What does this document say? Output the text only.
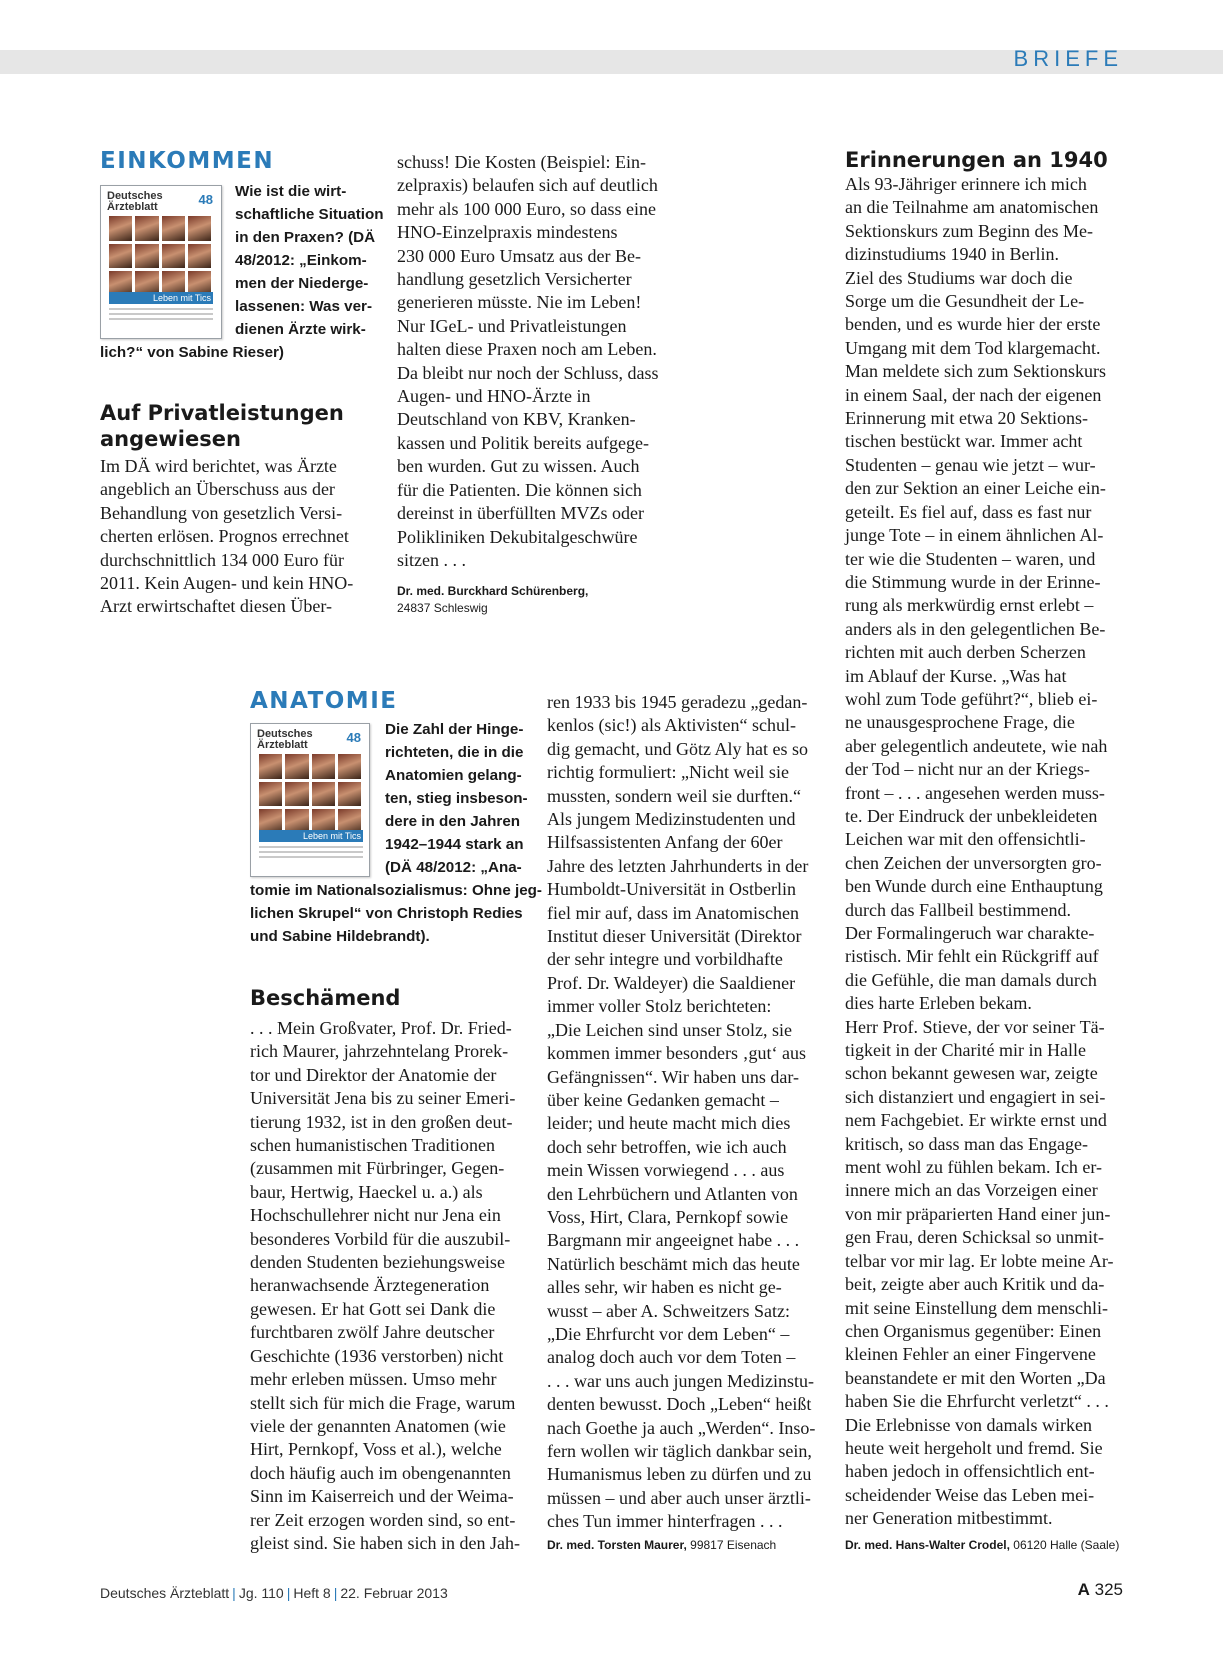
BRIEFE
EINKOMMEN
Deutsches
Ärzteblatt	48
Leben mit Tics
Wie ist die wirt-
schaftliche Situation
in den Praxen? (DÄ
48/2012: „Einkom-
men der Niederge-
lassenen: Was ver-
dienen Ärzte wirk-
lich?“ von Sabine Rieser)
Auf Privatleistungen
angewiesen
Im DÄ wird berichtet, was Ärzte
angeblich an Überschuss aus der
Behandlung von gesetzlich Versi-
cherten erlösen. Prognos errechnet
durchschnittlich 134 000 Euro für
2011. Kein Augen- und kein HNO-
Arzt erwirtschaftet diesen Über-
schuss! Die Kosten (Beispiel: Ein-
zelpraxis) belaufen sich auf deutlich
mehr als 100 000 Euro, so dass eine
HNO-Einzelpraxis mindestens
230 000 Euro Umsatz aus der Be-
handlung gesetzlich Versicherter
generieren müsste. Nie im Leben!
Nur IGeL- und Privatleistungen
halten diese Praxen noch am Leben.
Da bleibt nur noch der Schluss, dass
Augen- und HNO-Ärzte in
Deutschland von KBV, Kranken-
kassen und Politik bereits aufgege-
ben wurden. Gut zu wissen. Auch
für die Patienten. Die können sich
dereinst in überfüllten MVZs oder
Polikliniken Dekubitalgeschwüre
sitzen . . .
Dr. med. Burckhard Schürenberg,
24837 Schleswig
ANATOMIE
Deutsches
Ärzteblatt	48
Leben mit Tics
Die Zahl der Hinge-
richteten, die in die
Anatomien gelang-
ten, stieg insbeson-
dere in den Jahren
1942–1944 stark an
(DÄ 48/2012: „Ana-
tomie im Nationalsozialismus: Ohne jeg-
lichen Skrupel“ von Christoph Redies
und Sabine Hildebrandt).
Beschämend
. . . Mein Großvater, Prof. Dr. Fried-
rich Maurer, jahrzehntelang Prorek-
tor und Direktor der Anatomie der
Universität Jena bis zu seiner Emeri-
tierung 1932, ist in den großen deut-
schen humanistischen Traditionen
(zusammen mit Fürbringer, Gegen-
baur, Hertwig, Haeckel u. a.) als
Hochschullehrer nicht nur Jena ein
besonderes Vorbild für die auszubil-
denden Studenten beziehungsweise
heranwachsende Ärztegeneration
gewesen. Er hat Gott sei Dank die
furchtbaren zwölf Jahre deutscher
Geschichte (1936 verstorben) nicht
mehr erleben müssen. Umso mehr
stellt sich für mich die Frage, warum
viele der genannten Anatomen (wie
Hirt, Pernkopf, Voss et al.), welche
doch häufig auch im obengenannten
Sinn im Kaiserreich und der Weima-
rer Zeit erzogen worden sind, so ent-
gleist sind. Sie haben sich in den Jah-
ren 1933 bis 1945 geradezu „gedan-
kenlos (sic!) als Aktivisten“ schul-
dig gemacht, und Götz Aly hat es so
richtig formuliert: „Nicht weil sie
mussten, sondern weil sie durften.“
Als jungem Medizinstudenten und
Hilfsassistenten Anfang der 60er
Jahre des letzten Jahrhunderts in der
Humboldt-Universität in Ostberlin
fiel mir auf, dass im Anatomischen
Institut dieser Universität (Direktor
der sehr integre und vorbildhafte
Prof. Dr. Waldeyer) die Saaldiener
immer voller Stolz berichteten:
„Die Leichen sind unser Stolz, sie
kommen immer besonders ‚gut‘ aus
Gefängnissen“. Wir haben uns dar-
über keine Gedanken gemacht –
leider; und heute macht mich dies
doch sehr betroffen, wie ich auch
mein Wissen vorwiegend . . . aus
den Lehrbüchern und Atlanten von
Voss, Hirt, Clara, Pernkopf sowie
Bargmann mir angeeignet habe . . .
Natürlich beschämt mich das heute
alles sehr, wir haben es nicht ge-
wusst – aber A. Schweitzers Satz:
„Die Ehrfurcht vor dem Leben“ –
analog doch auch vor dem Toten –
. . . war uns auch jungen Medizinstu-
denten bewusst. Doch „Leben“ heißt
nach Goethe ja auch „Werden“. Inso-
fern wollen wir täglich dankbar sein,
Humanismus leben zu dürfen und zu
müssen – und aber auch unser ärztli-
ches Tun immer hinterfragen . . .
Dr. med. Torsten Maurer, 99817 Eisenach
Erinnerungen an 1940
Als 93-Jähriger erinnere ich mich
an die Teilnahme am anatomischen
Sektionskurs zum Beginn des Me-
dizinstudiums 1940 in Berlin.
Ziel des Studiums war doch die
Sorge um die Gesundheit der Le-
benden, und es wurde hier der erste
Umgang mit dem Tod klargemacht.
Man meldete sich zum Sektionskurs
in einem Saal, der nach der eigenen
Erinnerung mit etwa 20 Sektions-
tischen bestückt war. Immer acht
Studenten – genau wie jetzt – wur-
den zur Sektion an einer Leiche ein-
geteilt. Es fiel auf, dass es fast nur
junge Tote – in einem ähnlichen Al-
ter wie die Studenten – waren, und
die Stimmung wurde in der Erinne-
rung als merkwürdig ernst erlebt –
anders als in den gelegentlichen Be-
richten mit auch derben Scherzen
im Ablauf der Kurse. „Was hat
wohl zum Tode geführt?“, blieb ei-
ne unausgesprochene Frage, die
aber gelegentlich andeutete, wie nah
der Tod – nicht nur an der Kriegs-
front – . . . angesehen werden muss-
te. Der Eindruck der unbekleideten
Leichen war mit den offensichtli-
chen Zeichen der unversorgten gro-
ben Wunde durch eine Enthauptung
durch das Fallbeil bestimmend.
Der Formalingeruch war charakte-
ristisch. Mir fehlt ein Rückgriff auf
die Gefühle, die man damals durch
dies harte Erleben bekam.
Herr Prof. Stieve, der vor seiner Tä-
tigkeit in der Charité mir in Halle
schon bekannt gewesen war, zeigte
sich distanziert und engagiert in sei-
nem Fachgebiet. Er wirkte ernst und
kritisch, so dass man das Engage-
ment wohl zu fühlen bekam. Ich er-
innere mich an das Vorzeigen einer
von mir präparierten Hand einer jun-
gen Frau, deren Schicksal so unmit-
telbar vor mir lag. Er lobte meine Ar-
beit, zeigte aber auch Kritik und da-
mit seine Einstellung dem menschli-
chen Organismus gegenüber: Einen
kleinen Fehler an einer Fingervene
beanstandete er mit den Worten „Da
haben Sie die Ehrfurcht verletzt“ . . .
Die Erlebnisse von damals wirken
heute weit hergeholt und fremd. Sie
haben jedoch in offensichtlich ent-
scheidender Weise das Leben mei-
ner Generation mitbestimmt.
Dr. med. Hans-Walter Crodel, 06120 Halle (Saale)
Deutsches Ärzteblatt | Jg. 110 | Heft 8 | 22. Februar 2013	A 325
